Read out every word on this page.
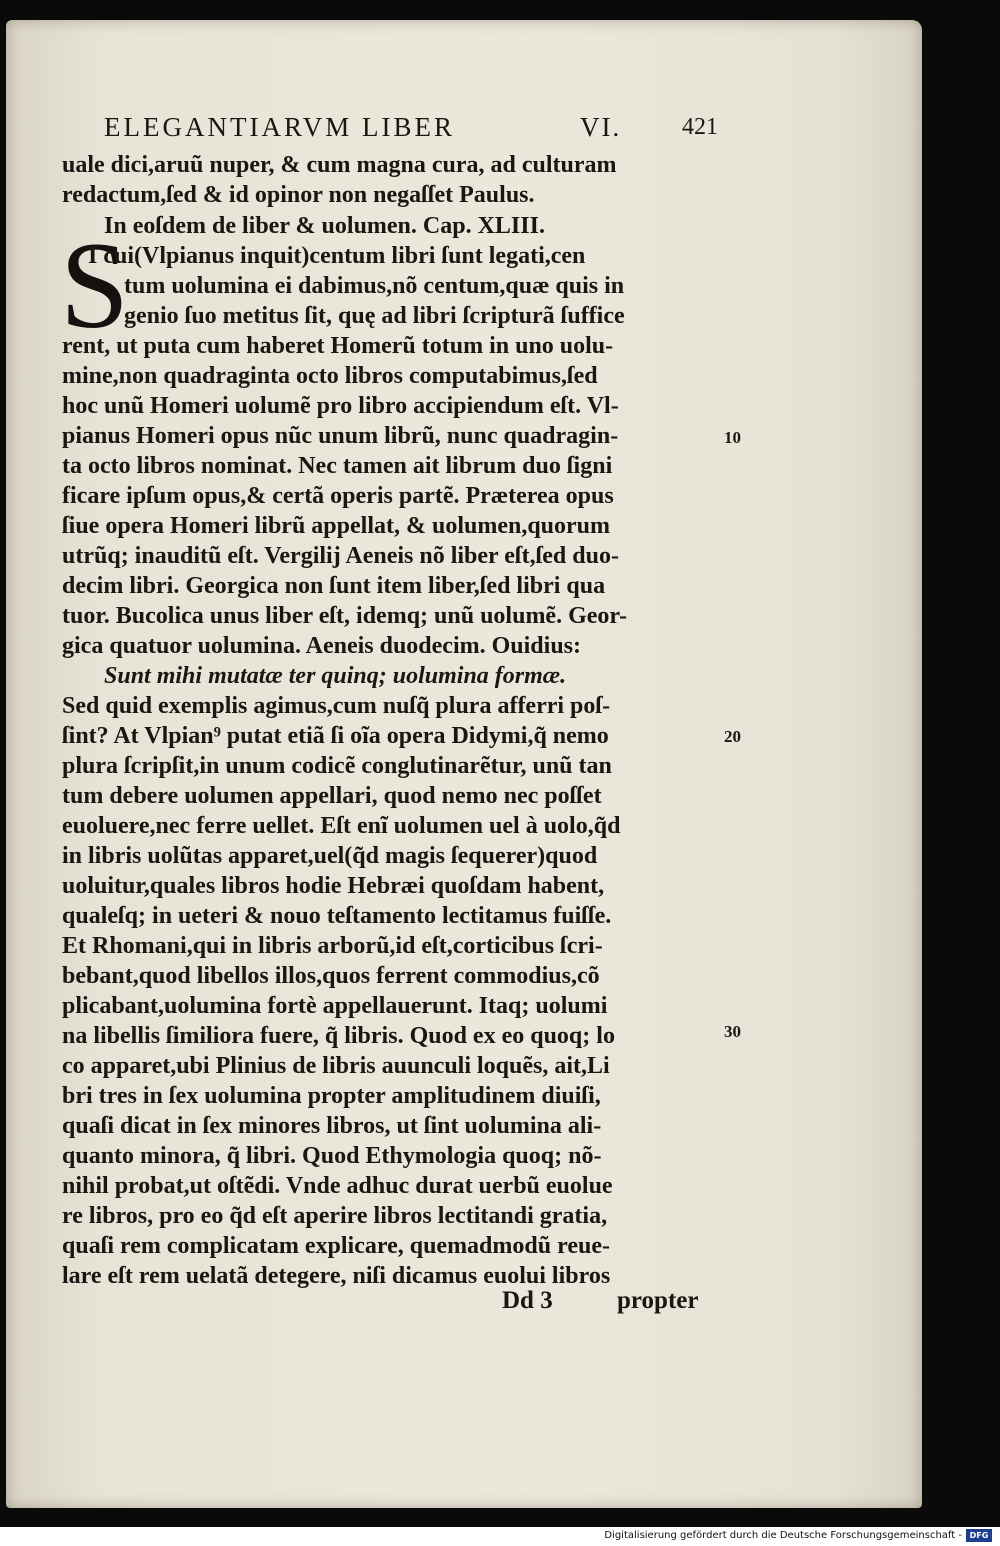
ELEGANTIARVM LIBER	VI.	421
S
uale dici,aruũ nuper, & cum magna cura, ad culturam
redactum,ſed & id opinor non negaſſet Paulus.
In eoſdem de liber & uolumen. Cap. XLIII.
I cui(Vlpianus inquit)centum libri ſunt legati,cen
tum uolumina ei dabimus,nõ centum,quæ quis in
genio ſuo metitus ſit, quę ad libri ſcripturã ſuffice
rent, ut puta cum haberet Homerũ totum in uno uolu-
mine,non quadraginta octo libros computabimus,ſed
hoc unũ Homeri uolumẽ pro libro accipiendum eſt. Vl-
pianus Homeri opus nũc unum librũ, nunc quadragin-
ta octo libros nominat. Nec tamen ait librum duo ſigni
ficare ipſum opus,& certã operis partẽ. Præterea opus
ſiue opera Homeri librũ appellat, & uolumen,quorum
utrũq; inauditũ eſt. Vergilij Aeneis nõ liber eſt,ſed duo-
decim libri. Georgica non ſunt item liber,ſed libri qua
tuor. Bucolica unus liber eſt, idemq; unũ uolumẽ. Geor-
gica quatuor uolumina. Aeneis duodecim. Ouidius:
Sunt mihi mutatæ ter quinq; uolumina formæ.
Sed quid exemplis agimus,cum nuſq̃ plura afferri poſ-
ſint? At Vlpian⁹ putat etiã ſi oĩa opera Didymi,q̃ nemo
plura ſcripſit,in unum codicẽ conglutinarẽtur, unũ tan
tum debere uolumen appellari, quod nemo nec poſſet
euoluere,nec ferre uellet. Eſt enĩ uolumen uel à uolo,q̃d
in libris uolũtas apparet,uel(q̃d magis ſequerer)quod
uoluitur,quales libros hodie Hebræi quoſdam habent,
qualeſq; in ueteri & nouo teſtamento lectitamus fuiſſe.
Et Rhomani,qui in libris arborũ,id eſt,corticibus ſcri-
bebant,quod libellos illos,quos ferrent commodius,cõ
plicabant,uolumina fortè appellauerunt. Itaq; uolumi
na libellis ſimiliora fuere, q̃ libris. Quod ex eo quoq; lo
co apparet,ubi Plinius de libris auunculi loquẽs, ait,Li
bri tres in ſex uolumina propter amplitudinem diuiſi,
quaſi dicat in ſex minores libros, ut ſint uolumina ali-
quanto minora, q̃ libri. Quod Ethymologia quoq; nõ-
nihil probat,ut oſtẽdi. Vnde adhuc durat uerbũ euolue
re libros, pro eo q̃d eſt aperire libros lectitandi gratia,
quaſi rem complicatam explicare, quemadmodũ reue-
lare eſt rem uelatã detegere, niſi dicamus euolui libros
10
20
30
Dd 3	propter
Digitalisierung gefördert durch die Deutsche Forschungsgemeinschaft - DFG
